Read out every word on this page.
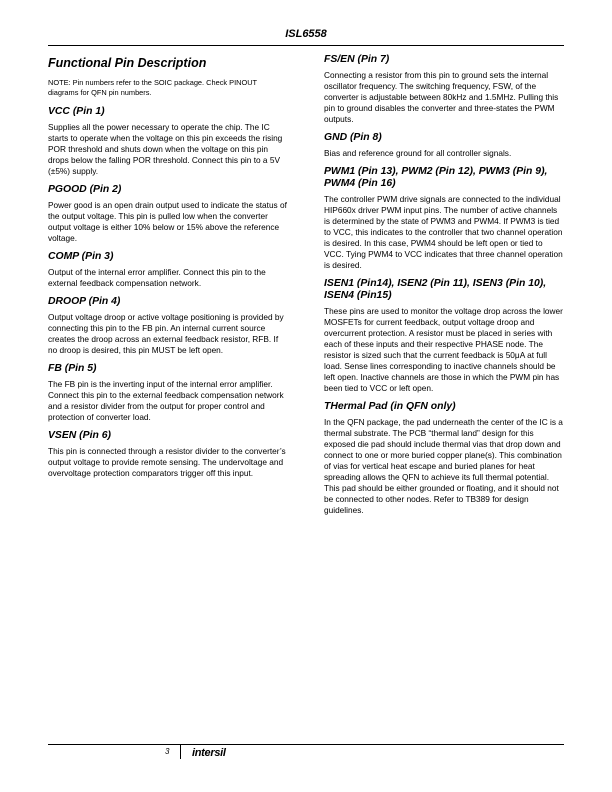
ISL6558
Functional Pin Description
NOTE: Pin numbers refer to the SOIC package. Check PINOUT diagrams for QFN pin numbers.
VCC (Pin 1)
Supplies all the power necessary to operate the chip. The IC starts to operate when the voltage on this pin exceeds the rising POR threshold and shuts down when the voltage on this pin drops below the falling POR threshold. Connect this pin to a 5V (±5%) supply.
PGOOD (Pin 2)
Power good is an open drain output used to indicate the status of the output voltage. This pin is pulled low when the converter output voltage is either 10% below or 15% above the reference voltage.
COMP (Pin 3)
Output of the internal error amplifier. Connect this pin to the external feedback compensation network.
DROOP (Pin 4)
Output voltage droop or active voltage positioning is provided by connecting this pin to the FB pin. An internal current source creates the droop across an external feedback resistor, RFB. If no droop is desired, this pin MUST be left open.
FB (Pin 5)
The FB pin is the inverting input of the internal error amplifier. Connect this pin to the external feedback compensation network and a resistor divider from the output for proper control and protection of converter load.
VSEN (Pin 6)
This pin is connected through a resistor divider to the converter’s output voltage to provide remote sensing. The undervoltage and overvoltage protection comparators trigger off this input.
FS/EN (Pin 7)
Connecting a resistor from this pin to ground sets the internal oscillator frequency. The switching frequency, FSW, of the converter is adjustable between 80kHz and 1.5MHz. Pulling this pin to ground disables the converter and three-states the PWM outputs.
GND (Pin 8)
Bias and reference ground for all controller signals.
PWM1 (Pin 13), PWM2 (Pin 12), PWM3 (Pin 9), PWM4 (Pin 16)
The controller PWM drive signals are connected to the individual HIP660x driver PWM input pins. The number of active channels is determined by the state of PWM3 and PWM4. If PWM3 is tied to VCC, this indicates to the controller that two channel operation is desired. In this case, PWM4 should be left open or tied to VCC. Tying PWM4 to VCC indicates that three channel operation is desired.
ISEN1 (Pin14), ISEN2 (Pin 11), ISEN3 (Pin 10), ISEN4 (Pin15)
These pins are used to monitor the voltage drop across the lower MOSFETs for current feedback, output voltage droop and overcurrent protection. A resistor must be placed in series with each of these inputs and their respective PHASE node. The resistor is sized such that the current feedback is 50μA at full load. Sense lines corresponding to inactive channels should be left open. Inactive channels are those in which the PWM pin has been tied to VCC or left open.
THermal Pad (in QFN only)
In the QFN package, the pad underneath the center of the IC is a thermal substrate. The PCB “thermal land” design for this exposed die pad should include thermal vias that drop down and connect to one or more buried copper plane(s). This combination of vias for vertical heat escape and buried planes for heat spreading allows the QFN to achieve its full thermal potential. This pad should be either grounded or floating, and it should not be connected to other nodes. Refer to TB389 for design guidelines.
3 intersil
